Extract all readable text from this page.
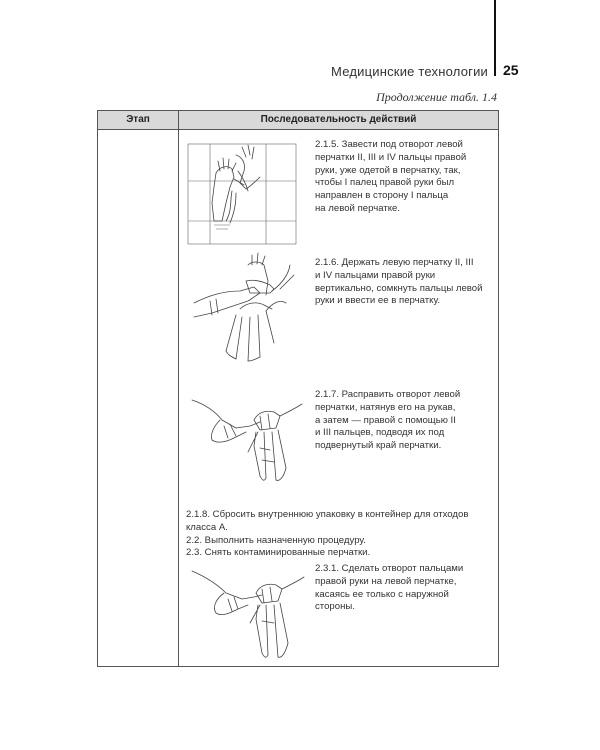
Медицинские технологии 25
Продолжение табл. 1.4
Этап	Последовательность действий
2.1.5. Завести под отворот левой
перчатки II, III и IV пальцы правой
руки, уже одетой в перчатку, так,
чтобы I палец правой руки был
направлен в сторону I пальца
на левой перчатке.
2.1.6. Держать левую перчатку II, III
и IV пальцами правой руки
вертикально, сомкнуть пальцы левой
руки и ввести ее в перчатку.
2.1.7. Расправить отворот левой
перчатки, натянув его на рукав,
а затем — правой с помощью II
и III пальцев, подводя их под
подвернутый край перчатки.
2.1.8. Сбросить внутреннюю упаковку в контейнер для отходов
класса А.
2.2. Выполнить назначенную процедуру.
2.3. Снять контаминированные перчатки.
2.3.1. Сделать отворот пальцами
правой руки на левой перчатке,
касаясь ее только с наружной
стороны.
